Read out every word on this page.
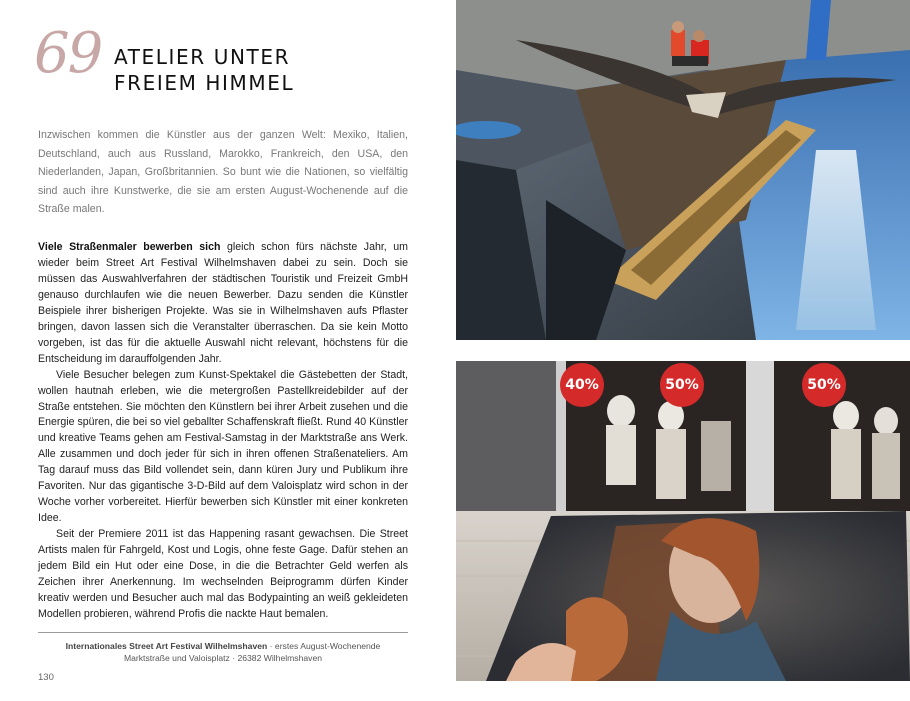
69 ATELIER UNTER
FREIEM HIMMEL

Inzwischen kommen die Künstler aus der ganzen Welt: Mexiko, Italien, Deutschland, auch aus Russland, Marokko, Frankreich, den USA, den Niederlanden, Japan, Großbritannien. So bunt wie die Nationen, so vielfältig sind auch ihre Kunstwerke, die sie am ersten August-Wochenende auf die Straße malen.

Viele Straßenmaler bewerben sich gleich schon fürs nächste Jahr, um wieder beim Street Art Festival Wilhelmshaven dabei zu sein. Doch sie müssen das Auswahlverfahren der städtischen Touristik und Freizeit GmbH genauso durchlaufen wie die neuen Bewerber. Dazu senden die Künstler Beispiele ihrer bisherigen Projekte. Was sie in Wilhelmshaven aufs Pflaster bringen, davon lassen sich die Veranstalter überraschen. Da sie kein Motto vorgeben, ist das für die aktuelle Auswahl nicht relevant, höchstens für die Entscheidung im darauffolgenden Jahr.

Viele Besucher belegen zum Kunst-Spektakel die Gästebetten der Stadt, wollen hautnah erleben, wie die metergroßen Pastellkreidebilder auf der Straße entstehen. Sie möchten den Künstlern bei ihrer Arbeit zusehen und die Energie spüren, die bei so viel geballter Schaffenskraft fließt. Rund 40 Künstler und kreative Teams gehen am Festival-Samstag in der Marktstraße ans Werk. Alle zusammen und doch jeder für sich in ihren offenen Straßenateliers. Am Tag darauf muss das Bild vollendet sein, dann küren Jury und Publikum ihre Favoriten. Nur das gigantische 3-D-Bild auf dem Valoisplatz wird schon in der Woche vorher vorbereitet. Hierfür bewerben sich Künstler mit einer konkreten Idee.

Seit der Premiere 2011 ist das Happening rasant gewachsen. Die Street Artists malen für Fahrgeld, Kost und Logis, ohne feste Gage. Dafür stehen an jedem Bild ein Hut oder eine Dose, in die die Betrachter Geld werfen als Zeichen ihrer Anerkennung. Im wechselnden Beiprogramm dürfen Kinder kreativ werden und Besucher auch mal das Bodypainting an weiß gekleideten Modellen probieren, während Profis die nackte Haut bemalen.

Internationales Street Art Festival Wilhelmshaven · erstes August-Wochenende
Marktstraße und Valoisplatz · 26382 Wilhelmshaven
130
40%	50%	50%
